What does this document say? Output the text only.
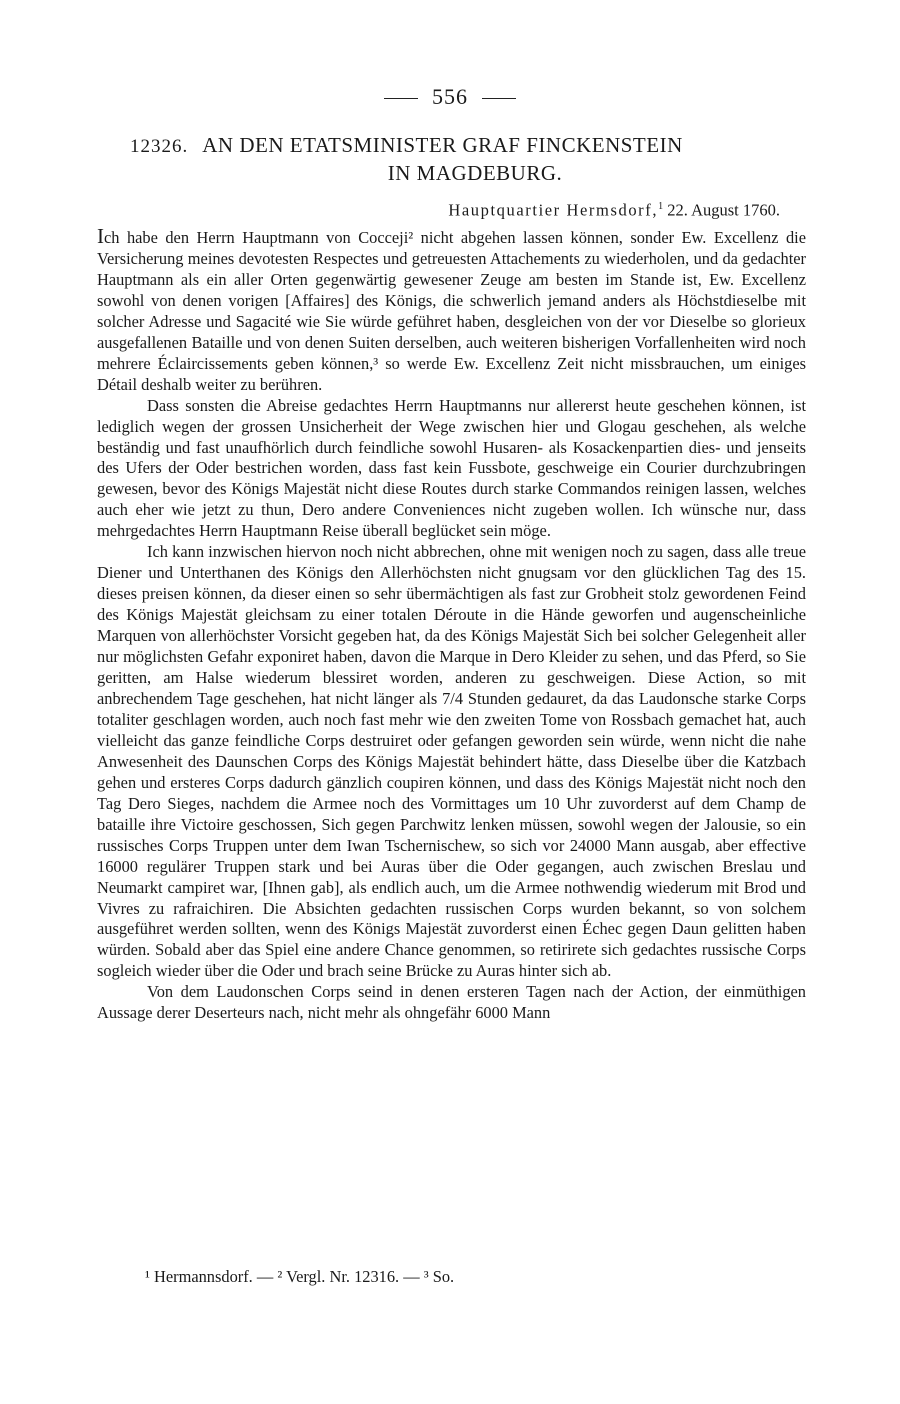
556
12326. AN DEN ETATSMINISTER GRAF FINCKENSTEIN
IN MAGDEBURG.
Hauptquartier Hermsdorf,$^1$ 22. August 1760.

Ich habe den Herrn Hauptmann von Cocceji² nicht abgehen lassen können, sonder Ew. Excellenz die Versicherung meines devotesten Respectes und getreuesten Attachements zu wiederholen, und da gedachter Hauptmann als ein aller Orten gegenwärtig gewesener Zeuge am besten im Stande ist, Ew. Excellenz sowohl von denen vorigen [Affaires] des Königs, die schwerlich jemand anders als Höchstdieselbe mit solcher Adresse und Sagacité wie Sie würde geführet haben, desgleichen von der vor Dieselbe so glorieux ausgefallenen Bataille und von denen Suiten derselben, auch weiteren bisherigen Vorfallenheiten wird noch mehrere Éclaircissements geben können,³ so werde Ew. Excellenz Zeit nicht missbrauchen, um einiges Détail deshalb weiter zu berühren.

Dass sonsten die Abreise gedachtes Herrn Hauptmanns nur allererst heute geschehen können, ist lediglich wegen der grossen Unsicherheit der Wege zwischen hier und Glogau geschehen, als welche beständig und fast unaufhörlich durch feindliche sowohl Husaren- als Kosackenpartien dies- und jenseits des Ufers der Oder bestrichen worden, dass fast kein Fussbote, geschweige ein Courier durchzubringen gewesen, bevor des Königs Majestät nicht diese Routes durch starke Commandos reinigen lassen, welches auch eher wie jetzt zu thun, Dero andere Conveniences nicht zugeben wollen. Ich wünsche nur, dass mehrgedachtes Herrn Hauptmann Reise überall beglücket sein möge.

Ich kann inzwischen hiervon noch nicht abbrechen, ohne mit wenigen noch zu sagen, dass alle treue Diener und Unterthanen des Königs den Allerhöchsten nicht gnugsam vor den glücklichen Tag des 15. dieses preisen können, da dieser einen so sehr übermächtigen als fast zur Grobheit stolz gewordenen Feind des Königs Majestät gleichsam zu einer totalen Déroute in die Hände geworfen und augenscheinliche Marquen von allerhöchster Vorsicht gegeben hat, da des Königs Majestät Sich bei solcher Gelegenheit aller nur möglichsten Gefahr exponiret haben, davon die Marque in Dero Kleider zu sehen, und das Pferd, so Sie geritten, am Halse wiederum blessiret worden, anderen zu geschweigen. Diese Action, so mit anbrechendem Tage geschehen, hat nicht länger als 7/4 Stunden gedauret, da das Laudonsche starke Corps totaliter geschlagen worden, auch noch fast mehr wie den zweiten Tome von Rossbach gemachet hat, auch vielleicht das ganze feindliche Corps destruiret oder gefangen geworden sein würde, wenn nicht die nahe Anwesenheit des Daunschen Corps des Königs Majestät behindert hätte, dass Dieselbe über die Katzbach gehen und ersteres Corps dadurch gänzlich coupiren können, und dass des Königs Majestät nicht noch den Tag Dero Sieges, nachdem die Armee noch des Vormittages um 10 Uhr zuvorderst auf dem Champ de bataille ihre Victoire geschossen, Sich gegen Parchwitz lenken müssen, sowohl wegen der Jalousie, so ein russisches Corps Truppen unter dem Iwan Tschernischew, so sich vor 24000 Mann ausgab, aber effective 16000 regulärer Truppen stark und bei Auras über die Oder gegangen, auch zwischen Breslau und Neumarkt campiret war, [Ihnen gab], als endlich auch, um die Armee nothwendig wiederum mit Brod und Vivres zu rafraichiren. Die Absichten gedachten russischen Corps wurden bekannt, so von solchem ausgeführet werden sollten, wenn des Königs Majestät zuvorderst einen Échec gegen Daun gelitten haben würden. Sobald aber das Spiel eine andere Chance genommen, so retirirete sich gedachtes russische Corps sogleich wieder über die Oder und brach seine Brücke zu Auras hinter sich ab.

Von dem Laudonschen Corps seind in denen ersteren Tagen nach der Action, der einmüthigen Aussage derer Deserteurs nach, nicht mehr als ohngefähr 6000 Mann

¹ Hermannsdorf. — ² Vergl. Nr. 12316. — ³ So.
